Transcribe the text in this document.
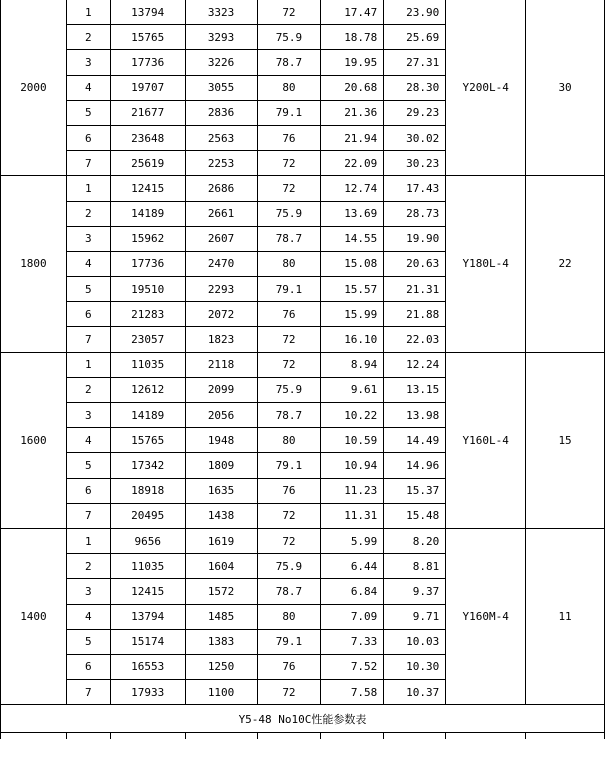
2000	1	13794	3323	72	17.47	23.90	Y200L-4	30
	2	15765	3293	75.9	18.78	25.69		
	3	17736	3226	78.7	19.95	27.31		
	4	19707	3055	80	20.68	28.30		
	5	21677	2836	79.1	21.36	29.23		
	6	23648	2563	76	21.94	30.02		
	7	25619	2253	72	22.09	30.23		
1800	1	12415	2686	72	12.74	17.43	Y180L-4	22
	2	14189	2661	75.9	13.69	28.73		
	3	15962	2607	78.7	14.55	19.90		
	4	17736	2470	80	15.08	20.63		
	5	19510	2293	79.1	15.57	21.31		
	6	21283	2072	76	15.99	21.88		
	7	23057	1823	72	16.10	22.03		
1600	1	11035	2118	72	8.94	12.24	Y160L-4	15
	2	12612	2099	75.9	9.61	13.15		
	3	14189	2056	78.7	10.22	13.98		
	4	15765	1948	80	10.59	14.49		
	5	17342	1809	79.1	10.94	14.96		
	6	18918	1635	76	11.23	15.37		
	7	20495	1438	72	11.31	15.48		
1400	1	9656	1619	72	5.99	8.20	Y160M-4	11
	2	11035	1604	75.9	6.44	8.81		
	3	12415	1572	78.7	6.84	9.37		
	4	13794	1485	80	7.09	9.71		
	5	15174	1383	79.1	7.33	10.03		
	6	16553	1250	76	7.52	10.30		
	7	17933	1100	72	7.58	10.37		
Y5-48 No10C性能参数表								
